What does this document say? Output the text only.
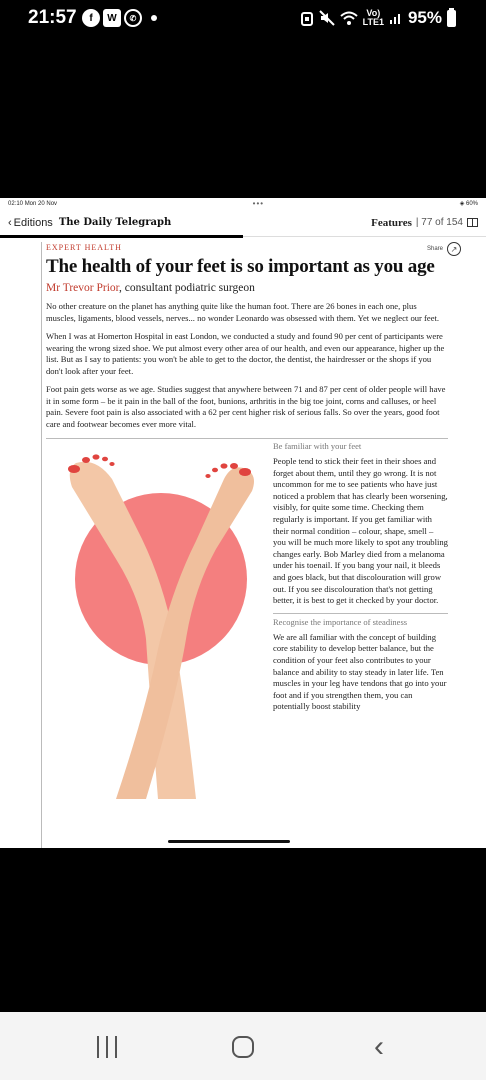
21:57	f	W	✆	Vo)
LTE1 95%
02:10 Mon 20 Nov	•••	◈ 60%
‹ Editions The Daily Telegraph	Features | 77 of 154
EXPERT HEALTH	Share ↗
The health of your feet is so important as you age
Mr Trevor Prior, consultant podiatric surgeon

No other creature on the planet has anything quite like the human foot. There are 26 bones in each one, plus muscles, ligaments, blood vessels, nerves... no wonder Leonardo was obsessed with them. Yet we neglect our feet.

When I was at Homerton Hospital in east London, we conducted a study and found 90 per cent of participants were wearing the wrong sized shoe. We put almost every other area of our health, and even our appearance, higher up the list. But as I say to patients: you won't be able to get to the doctor, the dentist, the hairdresser or the shops if you don't look after your feet.

Foot pain gets worse as we age. Studies suggest that anywhere between 71 and 87 per cent of older people will have it in some form – be it pain in the ball of the foot, bunions, arthritis in the big toe joint, corns and calluses, or heel pain. Severe foot pain is also associated with a 62 per cent higher risk of serious falls. So over the years, good foot care and footwear becomes ever more vital.

Be familiar with your feet

People tend to stick their feet in their shoes and forget about them, until they go wrong. It is not uncommon for me to see patients who have just noticed a problem that has clearly been worsening, visibly, for quite some time. Checking them regularly is important. If you get familiar with their normal condition – colour, shape, smell – you will be much more likely to spot any troubling changes early. Bob Marley died from a melanoma under his toenail. If you bang your nail, it bleeds and goes black, but that discolouration will grow out. If you see discolouration that's not getting better, it is best to get it checked by your doctor.

Recognise the importance of steadiness

We are all familiar with the concept of building core stability to develop better balance, but the condition of your feet also contributes to your balance and ability to stay steady in later life. Ten muscles in your leg have tendons that go into your foot and if you strengthen them, you can potentially boost stability

‹
